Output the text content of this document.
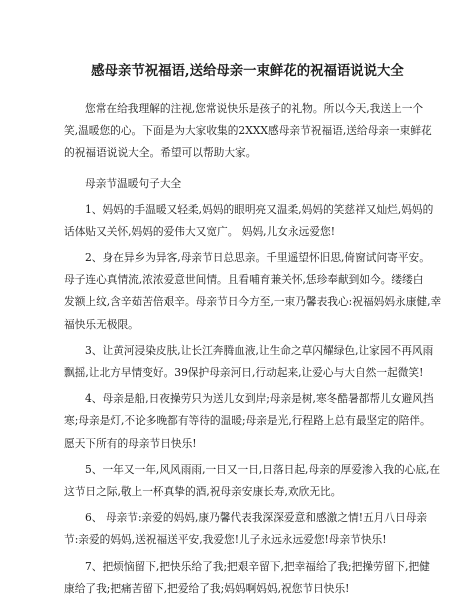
感母亲节祝福语,送给母亲一束鲜花的祝福语说说大全

您常在给我理解的注视,您常说快乐是孩子的礼物。所以今天,我送上一个
笑,温暖您的心。下面是为大家收集的2XXX感母亲节祝福语,送给母亲一束鲜花
的祝福语说说大全。希望可以帮助大家。

母亲节温暖句子大全

1、妈妈的手温暖又轻柔,妈妈的眼明亮又温柔,妈妈的笑慈祥又灿烂,妈妈的
话体贴又关怀,妈妈的爱伟大又宽广。 妈妈,儿女永远爱您!

2、身在异乡为异客,母亲节日总思亲。千里遥望怀旧思,倚窗试问寄平安。
母子连心真情流,浓浓爱意世间情。且看哺育兼关怀,恁珍奉献到如今。缕缕白
发额上纹,含辛茹苦倍艰辛。母亲节日今方至,一束乃馨表我心:祝福妈妈永康健,幸
福快乐无极限。

3、让黄河浸染皮肤,让长江奔腾血液,让生命之草闪耀绿色,让家园不再风雨
飘摇,让北方早情变好。39保护母亲河日,行动起来,让爱心与大自然一起微笑!

4、母亲是船,日夜操劳只为送儿女到岸;母亲是树,寒冬酷暑都帮儿女避风挡
寒;母亲是灯,不论多晚都有等待的温暖;母亲是光,行程路上总有最坚定的陪伴。
愿天下所有的母亲节日快乐!

5、一年又一年,风风雨雨,一日又一日,日落日起,母亲的厚爱渗入我的心底,在
这节日之际,敬上一杯真挚的酒,祝母亲安康长寿,欢欣无比。

6、 母亲节:亲爱的妈妈,康乃馨代表我深深爱意和感激之情!五月八日母亲
节:亲爱的妈妈,送祝福送平安,我爱您!儿子永远永远爱您!母亲节快乐!

7、把烦恼留下,把快乐给了我;把艰辛留下,把幸福给了我;把操劳留下,把健
康给了我;把痛苦留下,把爱给了我;妈妈啊妈妈,祝您节日快乐!
